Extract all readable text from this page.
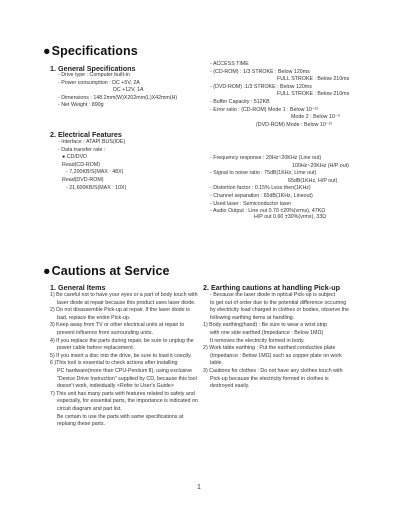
●Specifications
1. General Specifications
- Drive type : Computer built-in
- Power consumption : DC +5V, 2A
DC +12V, 1A
- Dimensions : 148.2mm(W)X202mm(L)X42mm(H)
- Net Weight : 890g
2. Electrical Features
- Interface : ATAPI BUS(IDE)
- Data transfer rate :
● CD/DVD
Read(CD-ROM)
- 7,200KB/S(MAX : 48X)
Read(DVD-ROM)
- 21,600KB/S(MAX : 10X)
- ACCESS TIME
- (CD-ROM) : 1/3 STROKE : Below 120ms
FULL STROKE : Below 210ms
- (DVD-ROM) :1/3 STROKE : Below 120ms
FULL STROKE : Below 210ms
- Buffer Capacity : 512KB
- Error ratio : (CD-ROM) Mode 1 : Below 10⁻¹²
Mode 2 : Below 10⁻⁹
(DVD-ROM) Mode : Below 10⁻¹²
- Frequency response : 20Hz~20KHz (Line out)
100Hz~20KHz (H/P out)
- Signal to noise ratio : 75dB(1KHz, Lime out)
65dB(1KHz, H/P out)
- Distortion factor : 0.15% Less then(1KHz)
- Channel separation : 65dB(1KHz, Lineout)
- Used laser : Semiconductor laser
- Audio Output : Line out 0.70 ±20%(vrms), 47KΩ
H/P out 0.60 ±30%(vrms), 33Ω
●Cautions at Service
1. General Items
1) Be careful not to have your eyes or a part of body touch with
laser diode at repair because this product uses laser diode.
2) Do not disassemble Pick-up at repair. If the laser diode is
bad, replace the entire Pick-up.
3) Keep away from TV or other electrical units at repair to
prevent influence from surrounding units.
4) If you replace the parts during repair, be sure to unplug the
power cable before replacement.
5) If you insert a disc into the drive, be sure to load it coectly.
6 )This tool is essential to check actions after installing
PC hardware(more than CPU-Pentium Ⅱ), using exclusive
"Device Drive Instruction" supplied by CD, because this tool
doesn't work, individually <Refer to User's Guide>
7) This unit has many parts with features related to safety and
especially, for essential parts, the importance is indicated on
circuit diagram and part list.
Be certain to use the parts with same specifications at
replaing these parts.
2. Earthing cautions at handling Pick-up
- Because the laser diode in optical Pick-up is subject
to get out of order due to the potential difference occurring
by electricity load charged in clothes or bodies, observe the
following earthing items at handling.
1) Body earthing(hand) : Be sure to wear a wrist strip
with one side earthed.(Impedance : Below 1MΩ)
It removes the electricity formed in body.
2) Work table earthing : Put the earthed conductive plate
(Impedance : Below 1MΩ) such as copper plate on work
table.
3) Cautions for clothes : Do not have any clothes touch with
Pick-up because the electricity formed in clothes is
destroyed easily.
1
